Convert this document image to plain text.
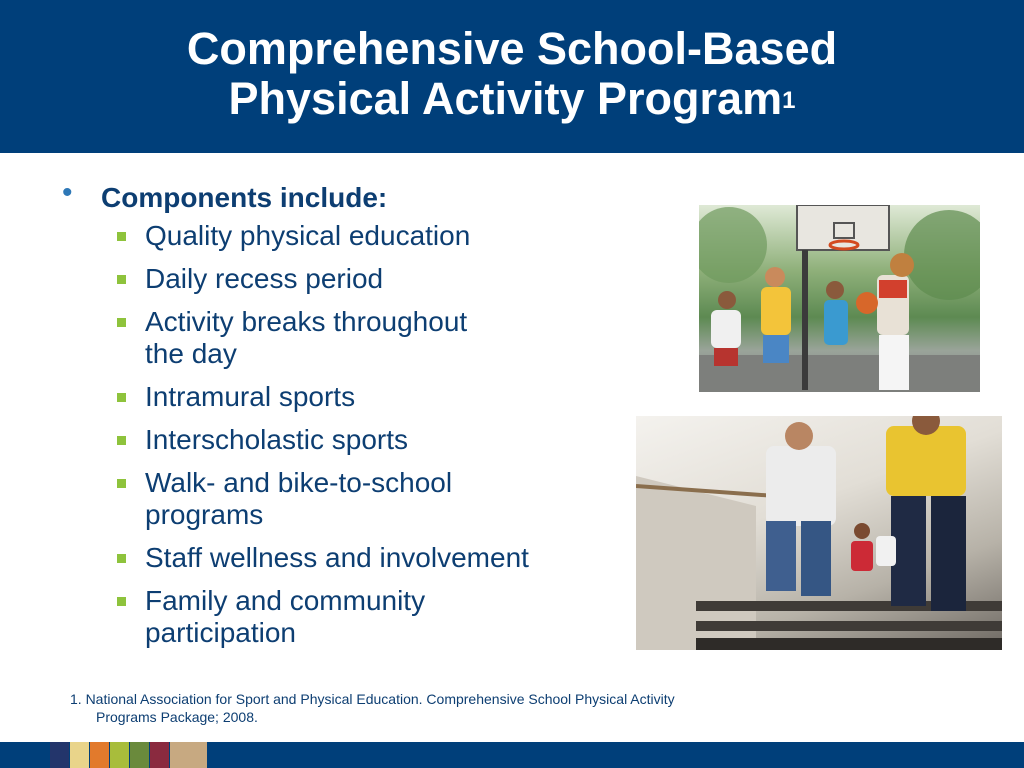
Comprehensive School-Based
Physical Activity Program$^1$
• Components include:
Quality physical education
Daily recess period
Activity breaks throughout
the day
Intramural sports
Interscholastic sports
Walk- and bike-to-school
programs
Staff wellness and involvement
Family and community
participation
1. National Association for Sport and Physical Education. Comprehensive School Physical Activity
Programs Package; 2008.
